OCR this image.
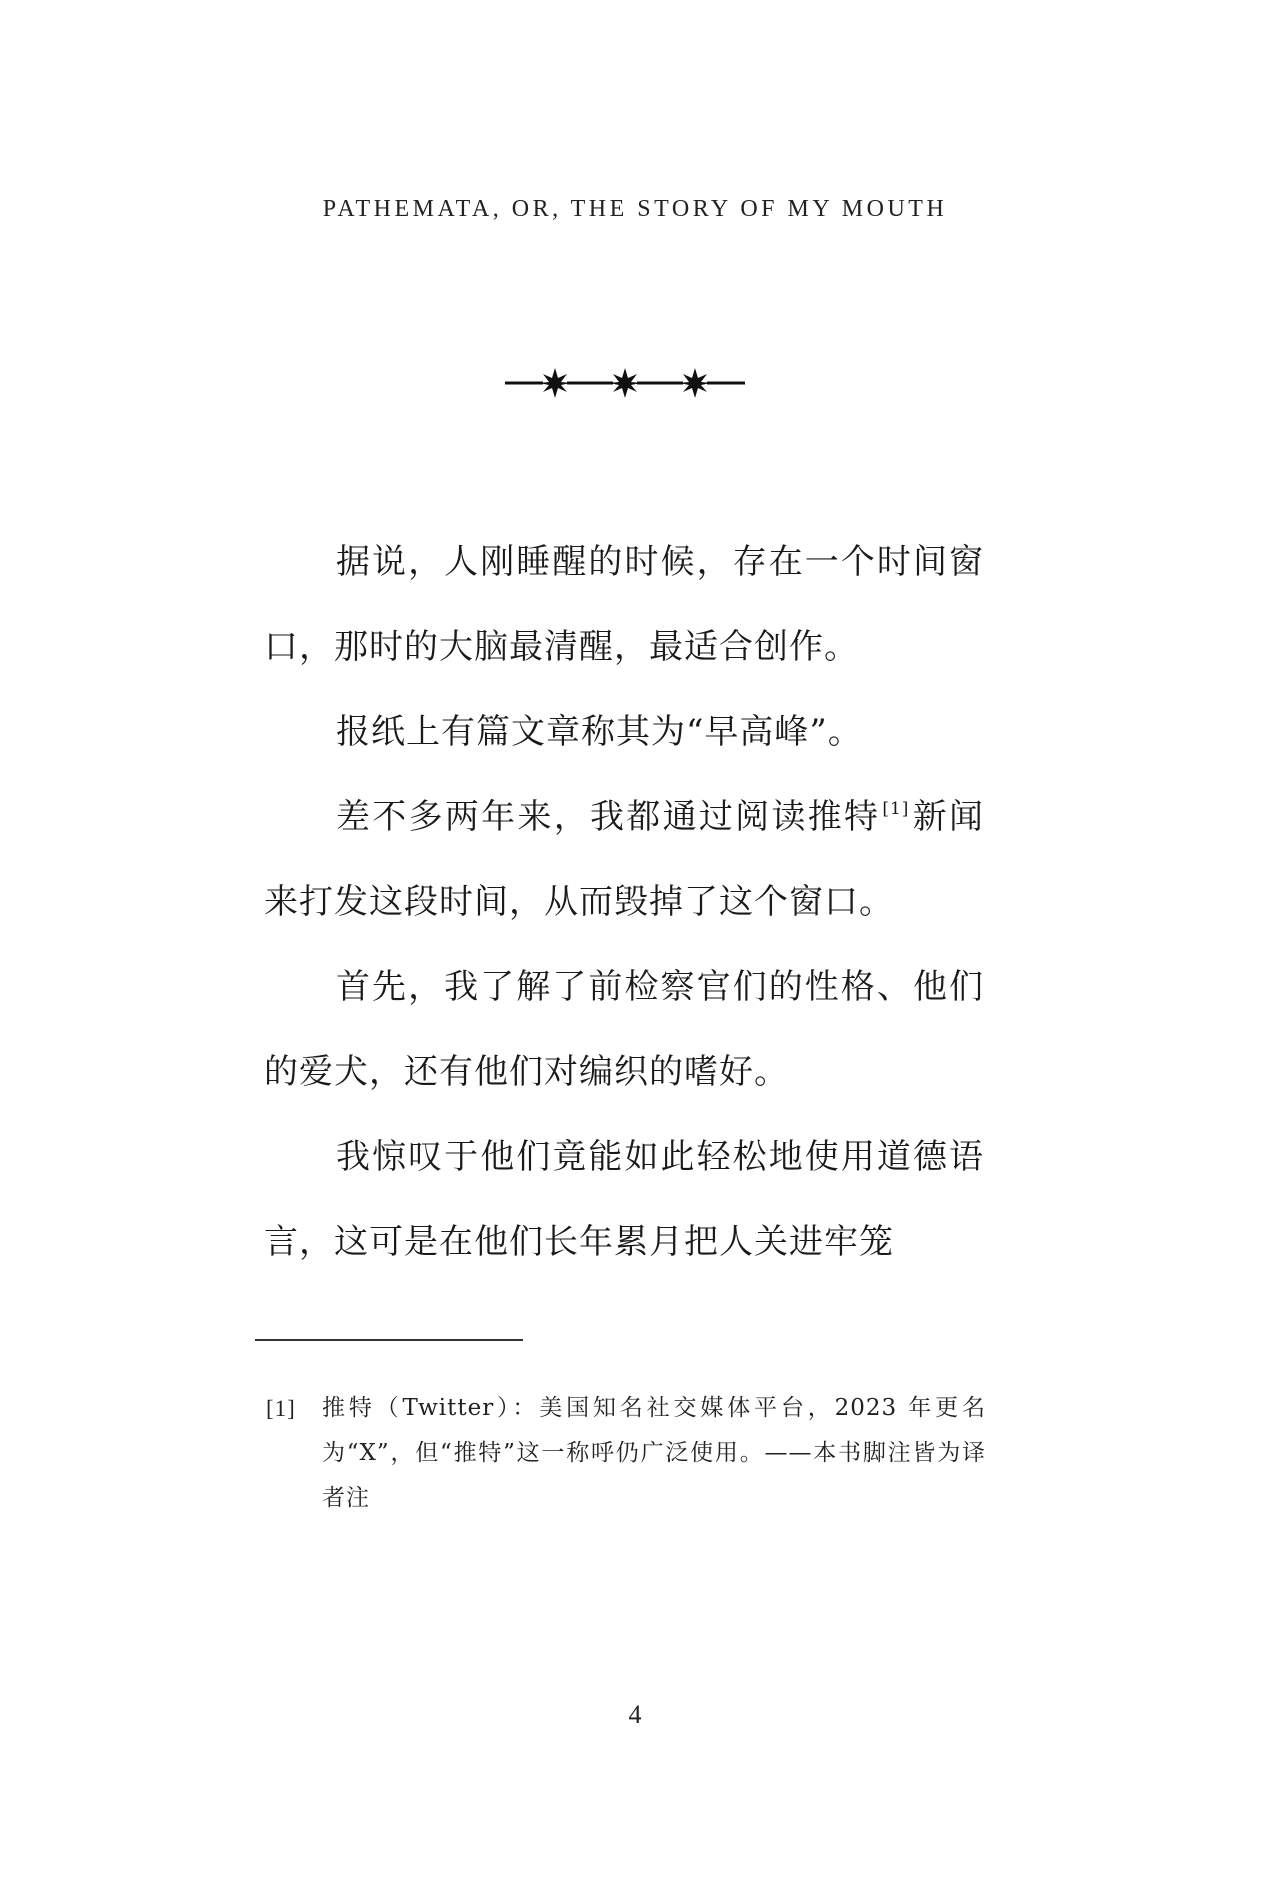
PATHEMATA, OR, THE STORY OF MY MOUTH

据说，人刚睡醒的时候，存在一个时间窗口，那时的大脑最清醒，最适合创作。

报纸上有篇文章称其为“早高峰”。

差不多两年来，我都通过阅读推特 [1]新闻来打发这段时间，从而毁掉了这个窗口。

首先，我了解了前检察官们的性格、他们的爱犬，还有他们对编织的嗜好。

我惊叹于他们竟能如此轻松地使用道德语言，这可是在他们长年累月把人关进牢笼

[1] 推特（Twitter）：美国知名社交媒体平台，2023 年更名为“X”，但“推特”这一称呼仍广泛使用。——本书脚注皆为译者注
4
